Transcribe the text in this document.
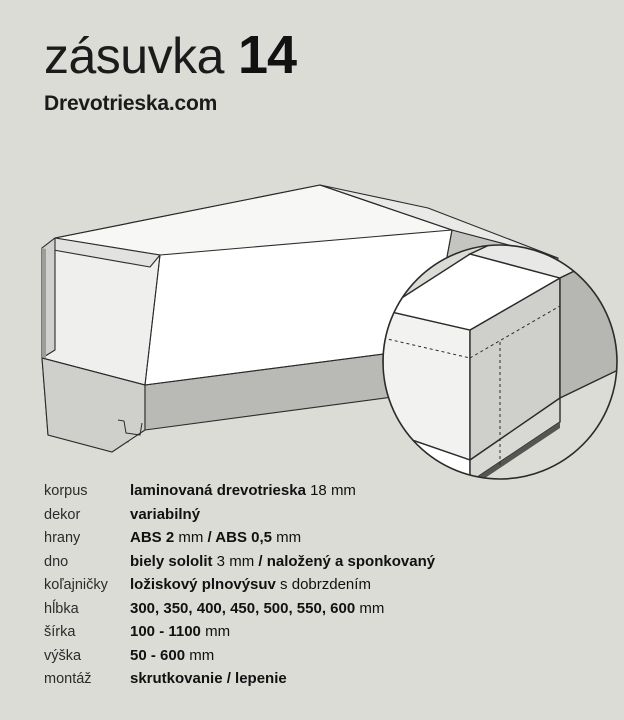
zásuvka 14
Drevotrieska.com
korpus	laminovaná drevotrieska 18 mm
dekor	variabilný
hrany	ABS 2 mm / ABS 0,5 mm
dno	biely sololit 3 mm / naložený a sponkovaný
koľajničky	ložiskový plnovýsuv s dobrzdením
hĺ́bka	300, 350, 400, 450, 500, 550, 600 mm
šírka	100 - 1100 mm
výška	50 - 600 mm
montáž	skrutkovanie / lepenie
